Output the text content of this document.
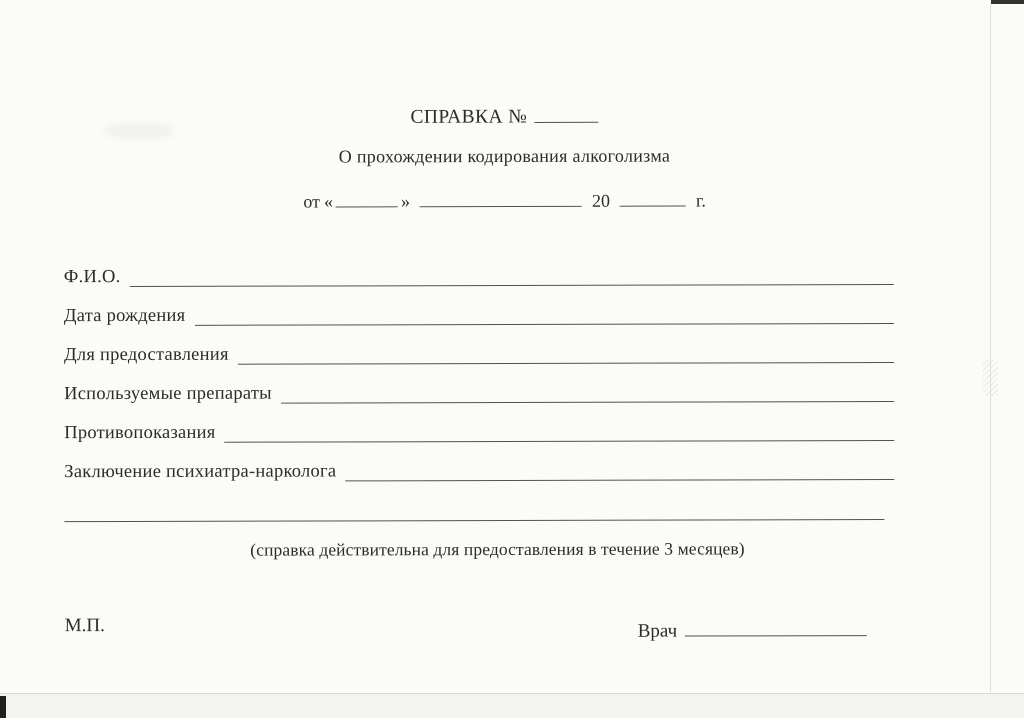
СПРАВКА №
О прохождении кодирования алкоголизма
от «	»	20	г.
Ф.И.О.
Дата рождения
Для предоставления
Используемые препараты
Противопоказания
Заключение психиатра-нарколога
(справка действительна для предоставления в течение 3 месяцев)
М.П.	Врач
